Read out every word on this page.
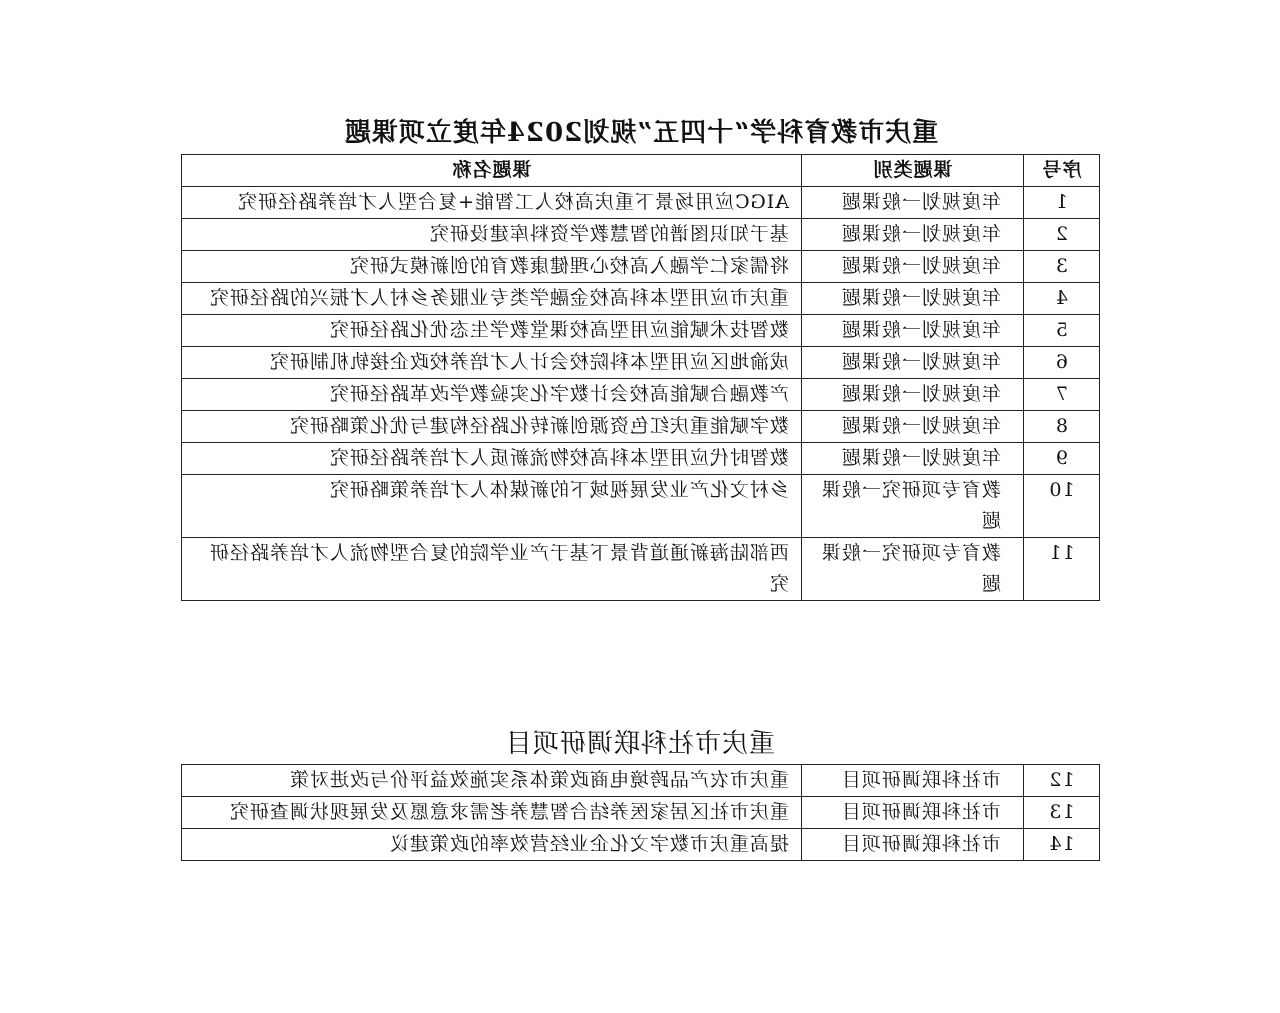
重庆市教育科学“十四五”规划2024年度立项课题
序号	课题类别	课题名称
1	年度规划一般课题	AIGC应用场景下重庆高校人工智能+复合型人才培养路径研究
2	年度规划一般课题	基于知识图谱的智慧教学资料库建设研究
3	年度规划一般课题	将儒家仁学融入高校心理健康教育的创新模式研究
4	年度规划一般课题	重庆市应用型本科高校金融学类专业服务乡村人才振兴的路径研究
5	年度规划一般课题	数智技术赋能应用型高校课堂教学生态优化路径研究
6	年度规划一般课题	成渝地区应用型本科院校会计人才培养校政企接轨机制研究
7	年度规划一般课题	产教融合赋能高校会计数字化实验教学改革路径研究
8	年度规划一般课题	数字赋能重庆红色资源创新转化路径构建与优化策略研究
9	年度规划一般课题	数智时代应用型本科高校物流新质人才培养路径研究
10	教育专项研究一般课题	乡村文化产业发展视域下的新媒体人才培养策略研究
11	教育专项研究一般课题	西部陆海新通道背景下基于产业学院的复合型物流人才培养路径研究
重庆市社科联调研项目
12	市社科联调研项目	重庆市农产品跨境电商政策体系实施效益评价与改进对策
13	市社科联调研项目	重庆市社区居家医养结合智慧养老需求意愿及发展现状调查研究
14	市社科联调研项目	提高重庆市数字文化企业经营效率的政策建议
